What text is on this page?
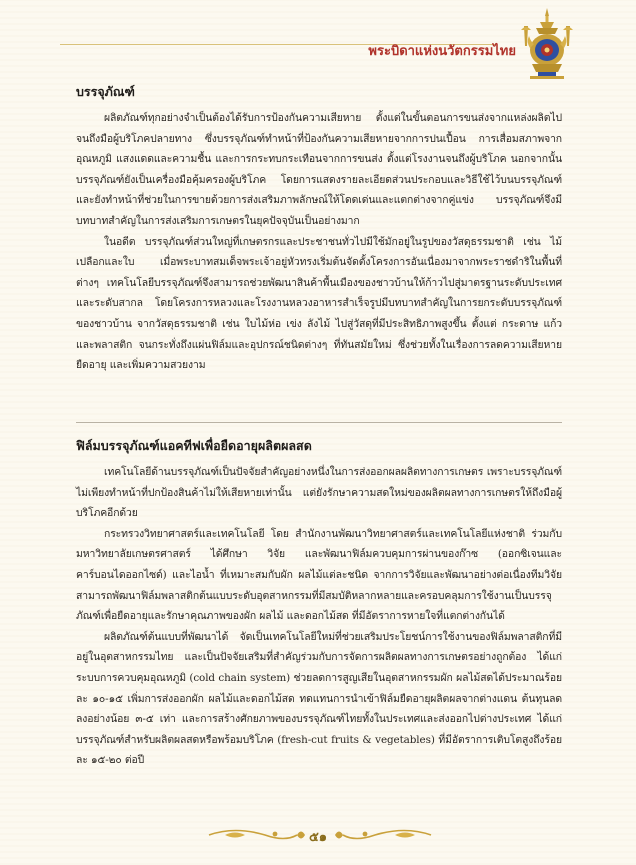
พระบิดาแห่งนวัตกรรมไทย
บรรจุภัณฑ์

ผลิตภัณฑ์ทุกอย่างจำเป็นต้องได้รับการป้องกันความเสียหาย ตั้งแต่ในขั้นตอนการขนส่งจากแหล่งผลิตไปจนถึงมือผู้บริโภคปลายทาง ซึ่งบรรจุภัณฑ์ทำหน้าที่ป้องกันความเสียหายจากการปนเปื้อน การเสื่อมสภาพจากอุณหภูมิ แสงแดดและความชื้น และการกระทบกระเทือนจากการขนส่ง ตั้งแต่โรงงานจนถึงผู้บริโภค นอกจากนั้น บรรจุภัณฑ์ยังเป็นเครื่องมือคุ้มครองผู้บริโภค โดยการแสดงรายละเอียดส่วนประกอบและวิธีใช้ไว้บนบรรจุภัณฑ์ และยังทำหน้าที่ช่วยในการขายด้วยการส่งเสริมภาพลักษณ์ให้โดดเด่นและแตกต่างจากคู่แข่ง บรรจุภัณฑ์จึงมีบทบาทสำคัญในการส่งเสริมการเกษตรในยุคปัจจุบันเป็นอย่างมาก

ในอดีต บรรจุภัณฑ์ส่วนใหญ่ที่เกษตรกรและประชาชนทั่วไปมีใช้มักอยู่ในรูปของวัสดุธรรมชาติ เช่น ไม้ เปลือกและใบ เมื่อพระบาทสมเด็จพระเจ้าอยู่หัวทรงเริ่มต้นจัดตั้งโครงการอันเนื่องมาจากพระราชดำริในพื้นที่ต่างๆ เทคโนโลยีบรรจุภัณฑ์จึงสามารถช่วยพัฒนาสินค้าพื้นเมืองของชาวบ้านให้ก้าวไปสู่มาตรฐานระดับประเทศและระดับสากล โดยโครงการหลวงและโรงงานหลวงอาหารสำเร็จรูปมีบทบาทสำคัญในการยกระดับบรรจุภัณฑ์ของชาวบ้าน จากวัสดุธรรมชาติ เช่น ใบไม้ห่อ เข่ง ลังไม้ ไปสู่วัสดุที่มีประสิทธิภาพสูงขึ้น ตั้งแต่ กระดาษ แก้ว และพลาสติก จนกระทั่งถึงแผ่นฟิล์มและอุปกรณ์ชนิดต่างๆ ที่ทันสมัยใหม่ ซึ่งช่วยทั้งในเรื่องการลดความเสียหาย ยืดอายุ และเพิ่มความสวยงาม

ฟิล์มบรรจุภัณฑ์แอคทีฟเพื่อยืดอายุผลิตผลสด

เทคโนโลยีด้านบรรจุภัณฑ์เป็นปัจจัยสำคัญอย่างหนึ่งในการส่งออกผลผลิตทางการเกษตร เพราะบรรจุภัณฑ์ไม่เพียงทำหน้าที่ปกป้องสินค้าไม่ให้เสียหายเท่านั้น แต่ยังรักษาความสดใหม่ของผลิตผลทางการเกษตรให้ถึงมือผู้บริโภคอีกด้วย

กระทรวงวิทยาศาสตร์และเทคโนโลยี โดย สำนักงานพัฒนาวิทยาศาสตร์และเทคโนโลยีแห่งชาติ ร่วมกับ มหาวิทยาลัยเกษตรศาสตร์ ได้ศึกษา วิจัย และพัฒนาฟิล์มควบคุมการผ่านของก๊าซ (ออกซิเจนและคาร์บอนไดออกไซด์) และไอน้ำ ที่เหมาะสมกับผัก ผลไม้แต่ละชนิด จากการวิจัยและพัฒนาอย่างต่อเนื่องทีมวิจัยสามารถพัฒนาฟิล์มพลาสติกต้นแบบระดับอุตสาหกรรมที่มีสมบัติหลากหลายและครอบคลุมการใช้งานเป็นบรรจุภัณฑ์เพื่อยืดอายุและรักษาคุณภาพของผัก ผลไม้ และดอกไม้สด ที่มีอัตราการหายใจที่แตกต่างกันได้

ผลิตภัณฑ์ต้นแบบที่พัฒนาได้ จัดเป็นเทคโนโลยีใหม่ที่ช่วยเสริมประโยชน์การใช้งานของฟิล์มพลาสติกที่มีอยู่ในอุตสาหกรรมไทย และเป็นปัจจัยเสริมที่สำคัญร่วมกับการจัดการผลิตผลทางการเกษตรอย่างถูกต้อง ได้แก่ ระบบการควบคุมอุณหภูมิ (cold chain system) ช่วยลดการสูญเสียในอุตสาหกรรมผัก ผลไม้สดได้ประมาณร้อยละ ๑๐-๑๕ เพิ่มการส่งออกผัก ผลไม้และดอกไม้สด ทดแทนการนำเข้าฟิล์มยืดอายุผลิตผลจากต่างแดน ต้นทุนลดลงอย่างน้อย ๓-๕ เท่า และการสร้างศักยภาพของบรรจุภัณฑ์ไทยทั้งในประเทศและส่งออกไปต่างประเทศ ได้แก่ บรรจุภัณฑ์สำหรับผลิตผลสดหรือพร้อมบริโภค (fresh-cut fruits & vegetables) ที่มีอัตราการเติบโตสูงถึงร้อยละ ๑๕-๒๐ ต่อปี

๕๑
